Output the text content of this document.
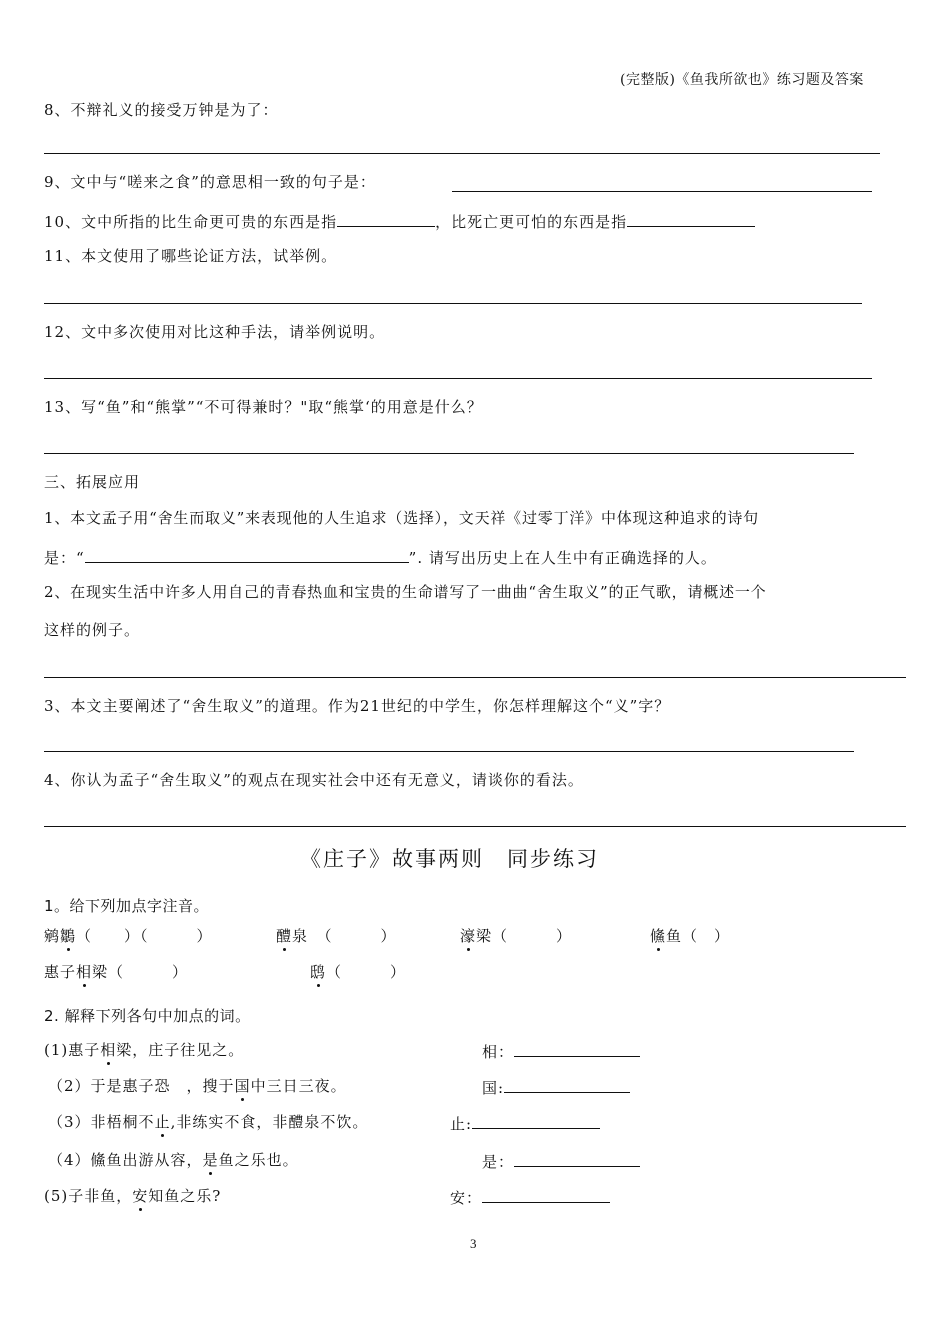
(完整版)《鱼我所欲也》练习题及答案
8、不辩礼义的接受万钟是为了：
9、文中与“嗟来之食”的意思相一致的句子是：
10、文中所指的比生命更可贵的东西是指	，比死亡更可怕的东西是指
11、本文使用了哪些论证方法，试举例。
12、文中多次使用对比这种手法，请举例说明。
13、写“鱼”和“熊掌”“不可得兼时？"取“熊掌‘的用意是什么？
三、拓展应用
1、本文孟子用“舍生而取义”来表现他的人生追求（选择），文天祥《过零丁洋》中体现这种追求的诗句
是：“	”. 请写出历史上在人生中有正确选择的人。
2、在现实生活中许多人用自己的青春热血和宝贵的生命谱写了一曲曲“舍生取义”的正气歌，请概述一个
这样的例子。
3、本文主要阐述了“舍生取义”的道理。作为21世纪的中学生，你怎样理解这个“义”字？
4、你认为孟子“舍生取义”的观点在现实社会中还有无意义，请谈你的看法。
《庄子》故事两则　同步练习
1。给下列加点字注音。
鹓鶵（　　）（　　　）	醴泉　（　　　）	濠梁（　　　）	鯈鱼（　）
惠子相梁（　　　）	鸱（　　　）
2. 解释下列各句中加点的词。
(1)惠子相梁，庄子往见之。	相：
（2）于是惠子恐　，搜于国中三日三夜。	国:
（3）非梧桐不止,非练实不食，非醴泉不饮。	止:
（4）鯈鱼出游从容，是鱼之乐也。	是：
(5)子非鱼，安知鱼之乐?	安：
3
